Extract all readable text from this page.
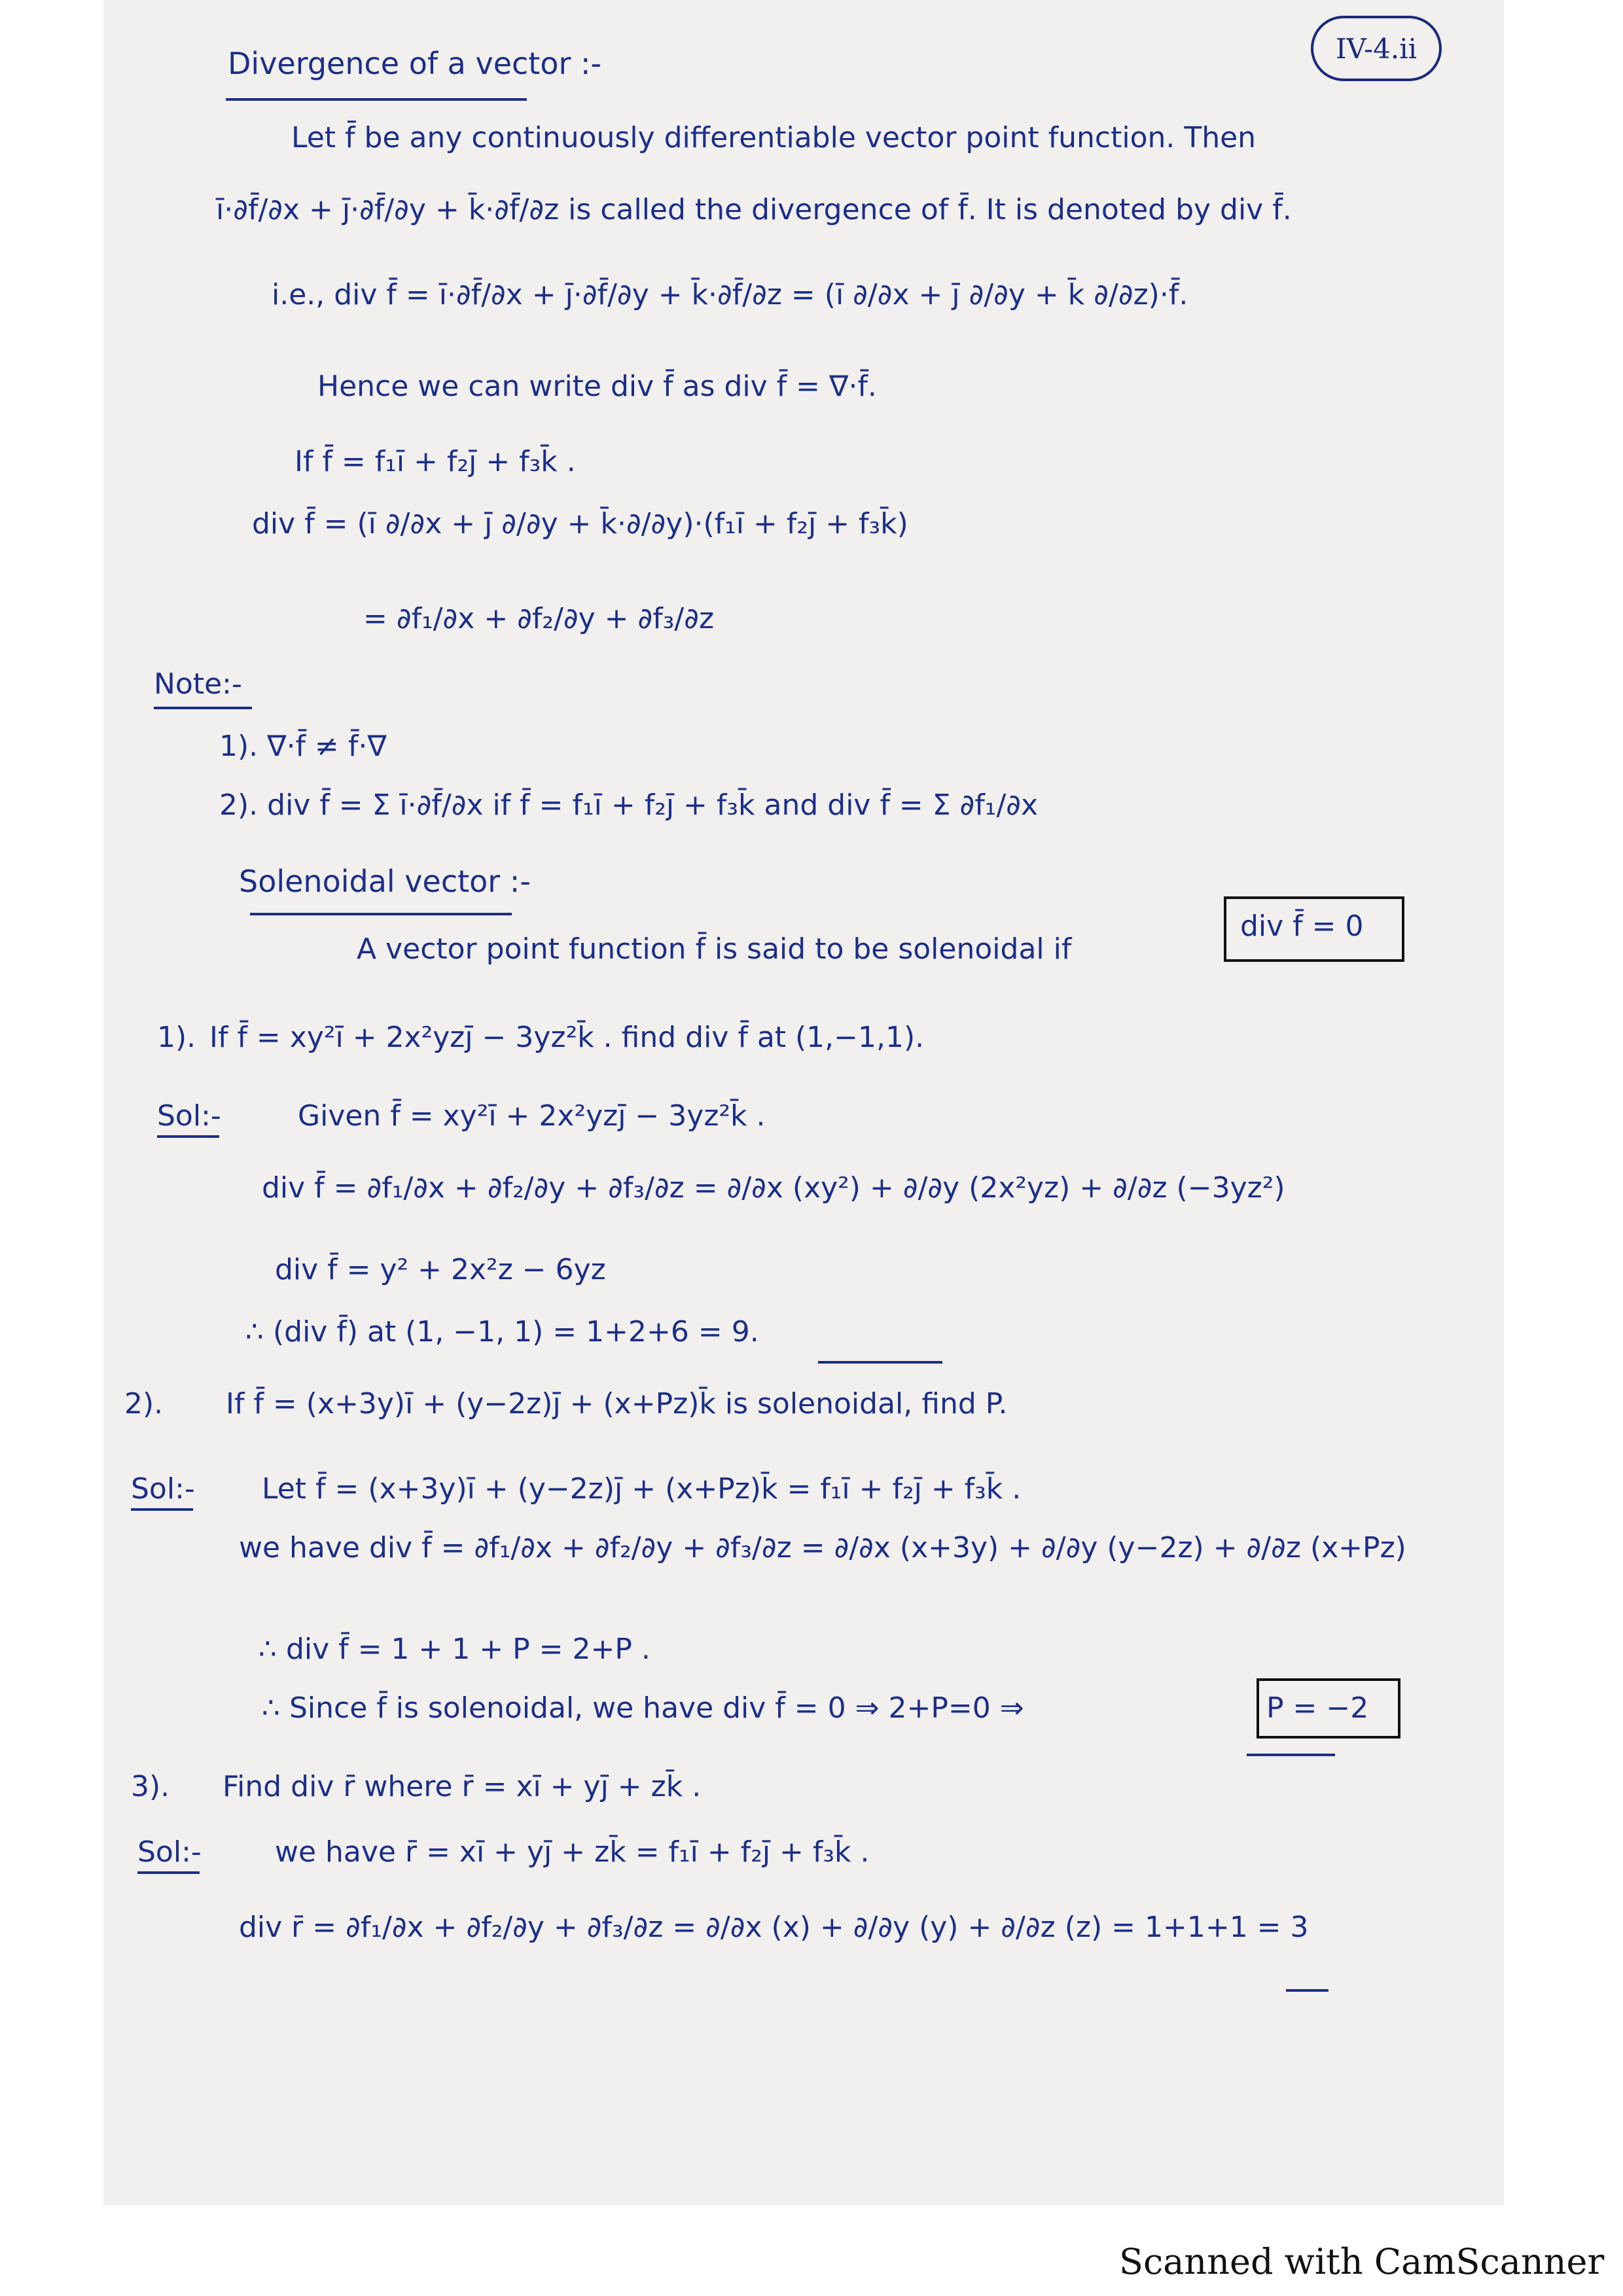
IV-4.ii
Divergence of a vector :-
Let f̄ be any continuously differentiable vector point function. Then
ī·∂f̄/∂x + j̄·∂f̄/∂y + k̄·∂f̄/∂z is called the divergence of f̄. It is denoted by div f̄.
i.e., div f̄ = ī·∂f̄/∂x + j̄·∂f̄/∂y + k̄·∂f̄/∂z = (ī ∂/∂x + j̄ ∂/∂y + k̄ ∂/∂z)·f̄.
Hence we can write div f̄ as div f̄ = ∇·f̄.
If f̄ = f₁ī + f₂j̄ + f₃k̄ .
div f̄ = (ī ∂/∂x + j̄ ∂/∂y + k̄·∂/∂y)·(f₁ī + f₂j̄ + f₃k̄)
= ∂f₁/∂x + ∂f₂/∂y + ∂f₃/∂z
Note:-
1). ∇·f̄ ≠ f̄·∇
2). div f̄ = Σ ī·∂f̄/∂x if f̄ = f₁ī + f₂j̄ + f₃k̄ and div f̄ = Σ ∂f₁/∂x
Solenoidal vector :-
A vector point function f̄ is said to be solenoidal if
div f̄ = 0
1). If f̄ = xy²ī + 2x²yzj̄ − 3yz²k̄ . find div f̄ at (1,−1,1).
Sol:-	Given f̄ = xy²ī + 2x²yzj̄ − 3yz²k̄ .
div f̄ = ∂f₁/∂x + ∂f₂/∂y + ∂f₃/∂z = ∂/∂x (xy²) + ∂/∂y (2x²yz) + ∂/∂z (−3yz²)
div f̄ = y² + 2x²z − 6yz
∴ (div f̄) at (1, −1, 1) = 1+2+6 = 9.
2). If f̄ = (x+3y)ī + (y−2z)j̄ + (x+Pz)k̄ is solenoidal, find P.
Sol:- Let f̄ = (x+3y)ī + (y−2z)j̄ + (x+Pz)k̄ = f₁ī + f₂j̄ + f₃k̄ .
we have div f̄ = ∂f₁/∂x + ∂f₂/∂y + ∂f₃/∂z = ∂/∂x (x+3y) + ∂/∂y (y−2z) + ∂/∂z (x+Pz)
∴ div f̄ = 1 + 1 + P = 2+P .
∴ Since f̄ is solenoidal, we have div f̄ = 0 ⇒ 2+P=0 ⇒	P = −2
3). Find div r̄ where r̄ = xī + yj̄ + zk̄ .
Sol:-	we have r̄ = xī + yj̄ + zk̄ = f₁ī + f₂j̄ + f₃k̄ .
div r̄ = ∂f₁/∂x + ∂f₂/∂y + ∂f₃/∂z = ∂/∂x (x) + ∂/∂y (y) + ∂/∂z (z) = 1+1+1 = 3
Scanned with CamScanner
